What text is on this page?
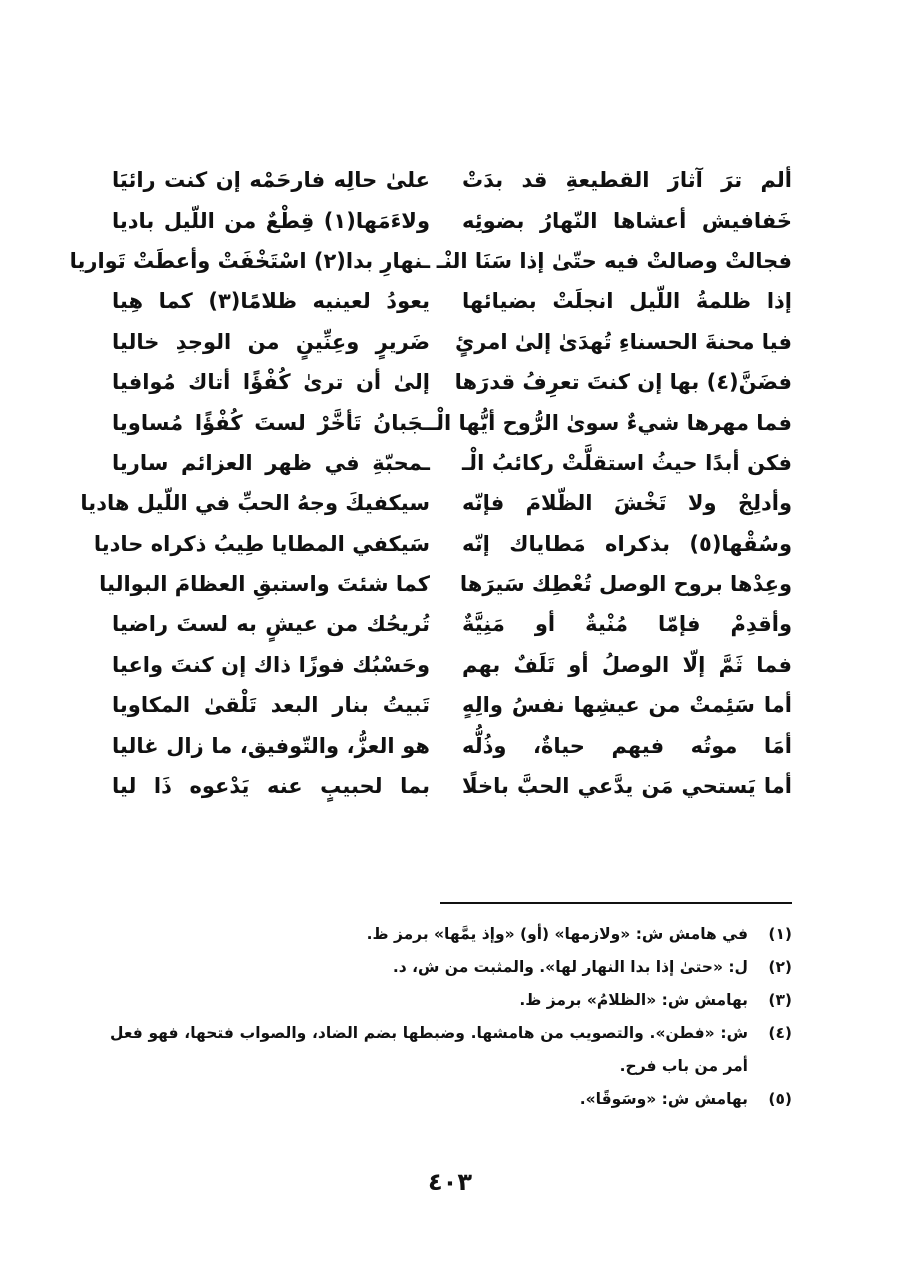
ألم ترَ آثارَ القطيعةِ قد بدَتْ
علىٰ حالِه فارحَمْه إن كنت رائيَا
خَفافيش أعشاها النّهارُ بضوئِه
ولاءَمَها(١) قِطْعٌ من اللّيل باديا
فجالتْ وصالتْ فيه حتّىٰ إذا سَنَا النْـ
ـنهارِ بدا(٢) اسْتَخْفَتْ وأعطَتْ تَواريا
إذا ظلمةُ اللّيل انجلَتْ بضيائها
يعودُ لعينيه ظلامًا(٣) كما هِيا
فيا محنةَ الحسناءِ تُهدَىٰ إلىٰ امرئٍ
ضَريرٍ وعِنِّينٍ من الوجدِ خاليا
فضَنَّ(٤) بها إن كنتَ تعرِفُ قدرَها
إلىٰ أن ترىٰ كُفْؤًا أتاك مُوافيا
فما مهرها شيءٌ سوىٰ الرُّوح أيُّها الْـ
ـجَبانُ تَأخَّرْ لستَ كُفْؤًا مُساويا
فكن أبدًا حيثُ استقلَّتْ ركائبُ الْـ
ـمحبّةِ في ظهر العزائم ساريا
وأدلِجْ ولا تَخْشَ الظّلامَ فإنّه
سيكفيكَ وجهُ الحبِّ في اللّيل هاديا
وسُقْها(٥) بذكراه مَطاياك إنّه
سَيكفي المطايا طِيبُ ذكراه حاديا
وعِدْها بروح الوصل تُعْطِك سَيرَها
كما شئتَ واستبقِ العظامَ البواليا
وأقدِمْ فإمّا مُنْيةٌ أو مَنِيَّةٌ
تُريحُك من عيشٍ به لستَ راضيا
فما ثَمَّ إلّا الوصلُ أو تَلَفٌ بهم
وحَسْبُك فوزًا ذاك إن كنتَ واعيا
أما سَئِمتْ من عيشِها نفسُ والِهٍ
تَبيتُ بنار البعد تَلْقىٰ المكاويا
أمَا موتُه فيهم حياةٌ، وذُلُّه
هو العزُّ، والتّوفيق، ما زال غاليا
أما يَستحي مَن يدَّعي الحبَّ باخلًا
بما لحبيبٍ عنه يَدْعوه ذَا ليا
(١)
في هامش ش: «ولازمها» (أو) «وإذ يمَّها» برمز ظ.
(٢)
ل: «حتىٰ إذا بدا النهار لها». والمثبت من ش، د.
(٣)
بهامش ش: «الظلامُ» برمز ظ.
(٤)
ش: «فطن». والتصويب من هامشها. وضبطها بضم الضاد، والصواب فتحها، فهو فعل أمر من باب فرح.
(٥)
بهامش ش: «وسَوقًا».
٤٠٣
